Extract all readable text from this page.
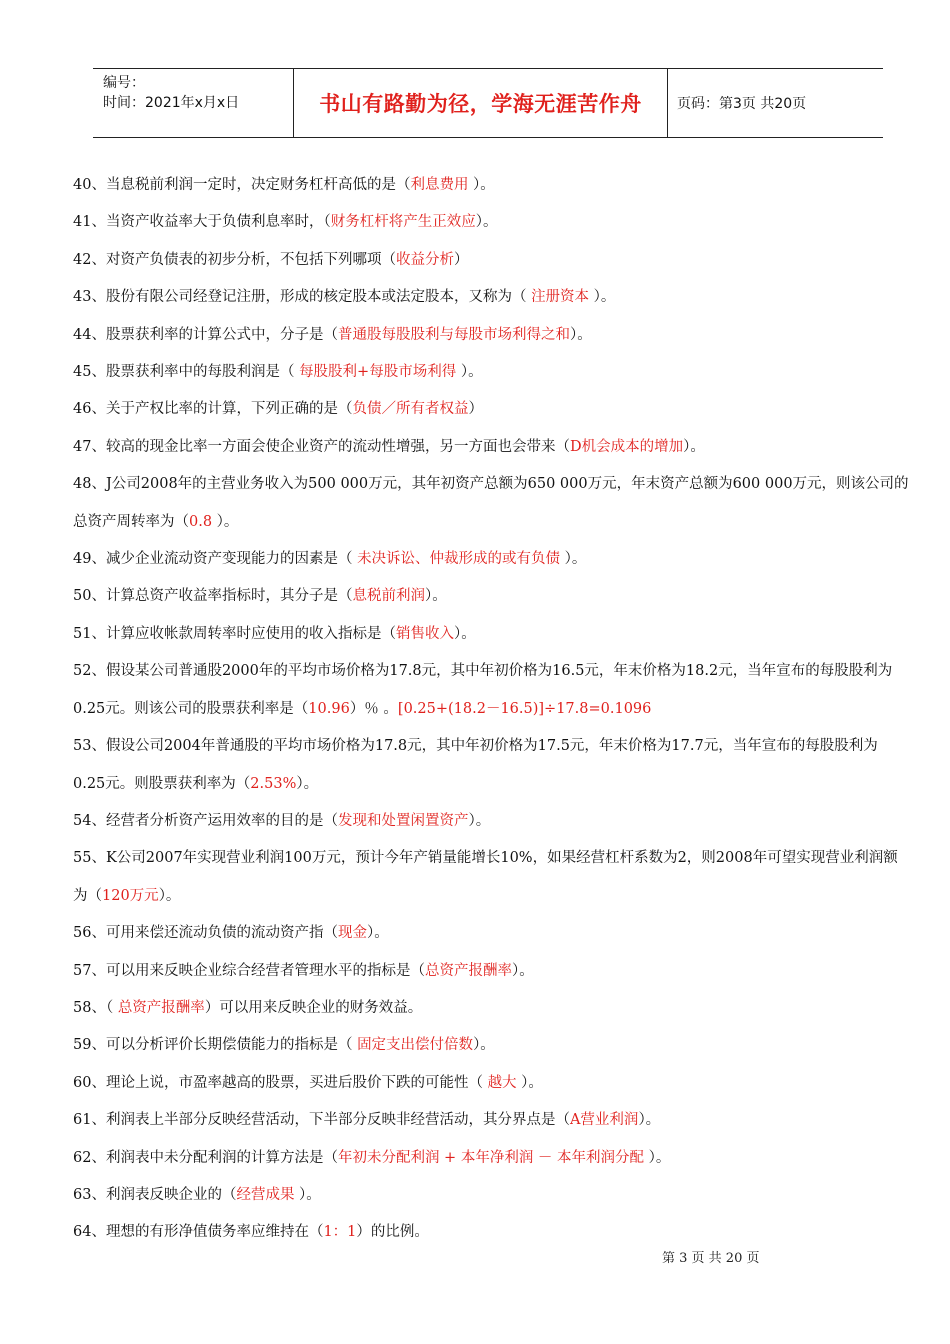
编号：
时间：2021年x月x日	书山有路勤为径，学海无涯苦作舟	页码：第3页 共20页
40、当息税前利润一定时，决定财务杠杆高低的是（利息费用 ）。
41、当资产收益率大于负债利息率时，（财务杠杆将产生正效应）。
42、对资产负债表的初步分析，不包括下列哪项（收益分析）
43、股份有限公司经登记注册，形成的核定股本或法定股本，又称为（ 注册资本 ）。
44、股票获利率的计算公式中，分子是（普通股每股股利与每股市场利得之和）。
45、股票获利率中的每股利润是（ 每股股利+每股市场利得 ）。
46、关于产权比率的计算，下列正确的是（负债／所有者权益）
47、较高的现金比率一方面会使企业资产的流动性增强，另一方面也会带来（D机会成本的增加）。
48、J公司2008年的主营业务收入为500 000万元，其年初资产总额为650 000万元，年末资产总额为600 000万元，则该公司的总资产周转率为（0.8 ）。
49、减少企业流动资产变现能力的因素是（ 未决诉讼、仲裁形成的或有负债 ）。
50、计算总资产收益率指标时，其分子是（息税前利润）。
51、计算应收帐款周转率时应使用的收入指标是（销售收入）。
52、假设某公司普通股2000年的平均市场价格为17.8元，其中年初价格为16.5元，年末价格为18.2元，当年宣布的每股股利为0.25元。则该公司的股票获利率是（10.96）％ 。[0.25+(18.2－16.5)]÷17.8=0.1096
53、假设公司2004年普通股的平均市场价格为17.8元，其中年初价格为17.5元，年末价格为17.7元，当年宣布的每股股利为0.25元。则股票获利率为（2.53%）。
54、经营者分析资产运用效率的目的是（发现和处置闲置资产）。
55、K公司2007年实现营业利润100万元，预计今年产销量能增长10%，如果经营杠杆系数为2，则2008年可望实现营业利润额为（120万元）。
56、可用来偿还流动负债的流动资产指（现金）。
57、可以用来反映企业综合经营者管理水平的指标是（总资产报酬率）。
58、（ 总资产报酬率）可以用来反映企业的财务效益。
59、可以分析评价长期偿债能力的指标是（ 固定支出偿付倍数）。
60、理论上说，市盈率越高的股票，买进后股价下跌的可能性（ 越大 ）。
61、利润表上半部分反映经营活动，下半部分反映非经营活动，其分界点是（A营业利润）。
62、利润表中未分配利润的计算方法是（年初未分配利润 + 本年净利润 － 本年利润分配 ）。
63、利润表反映企业的（经营成果 ）。
64、理想的有形净值债务率应维持在（1：1）的比例。
第 3 页 共 20 页
